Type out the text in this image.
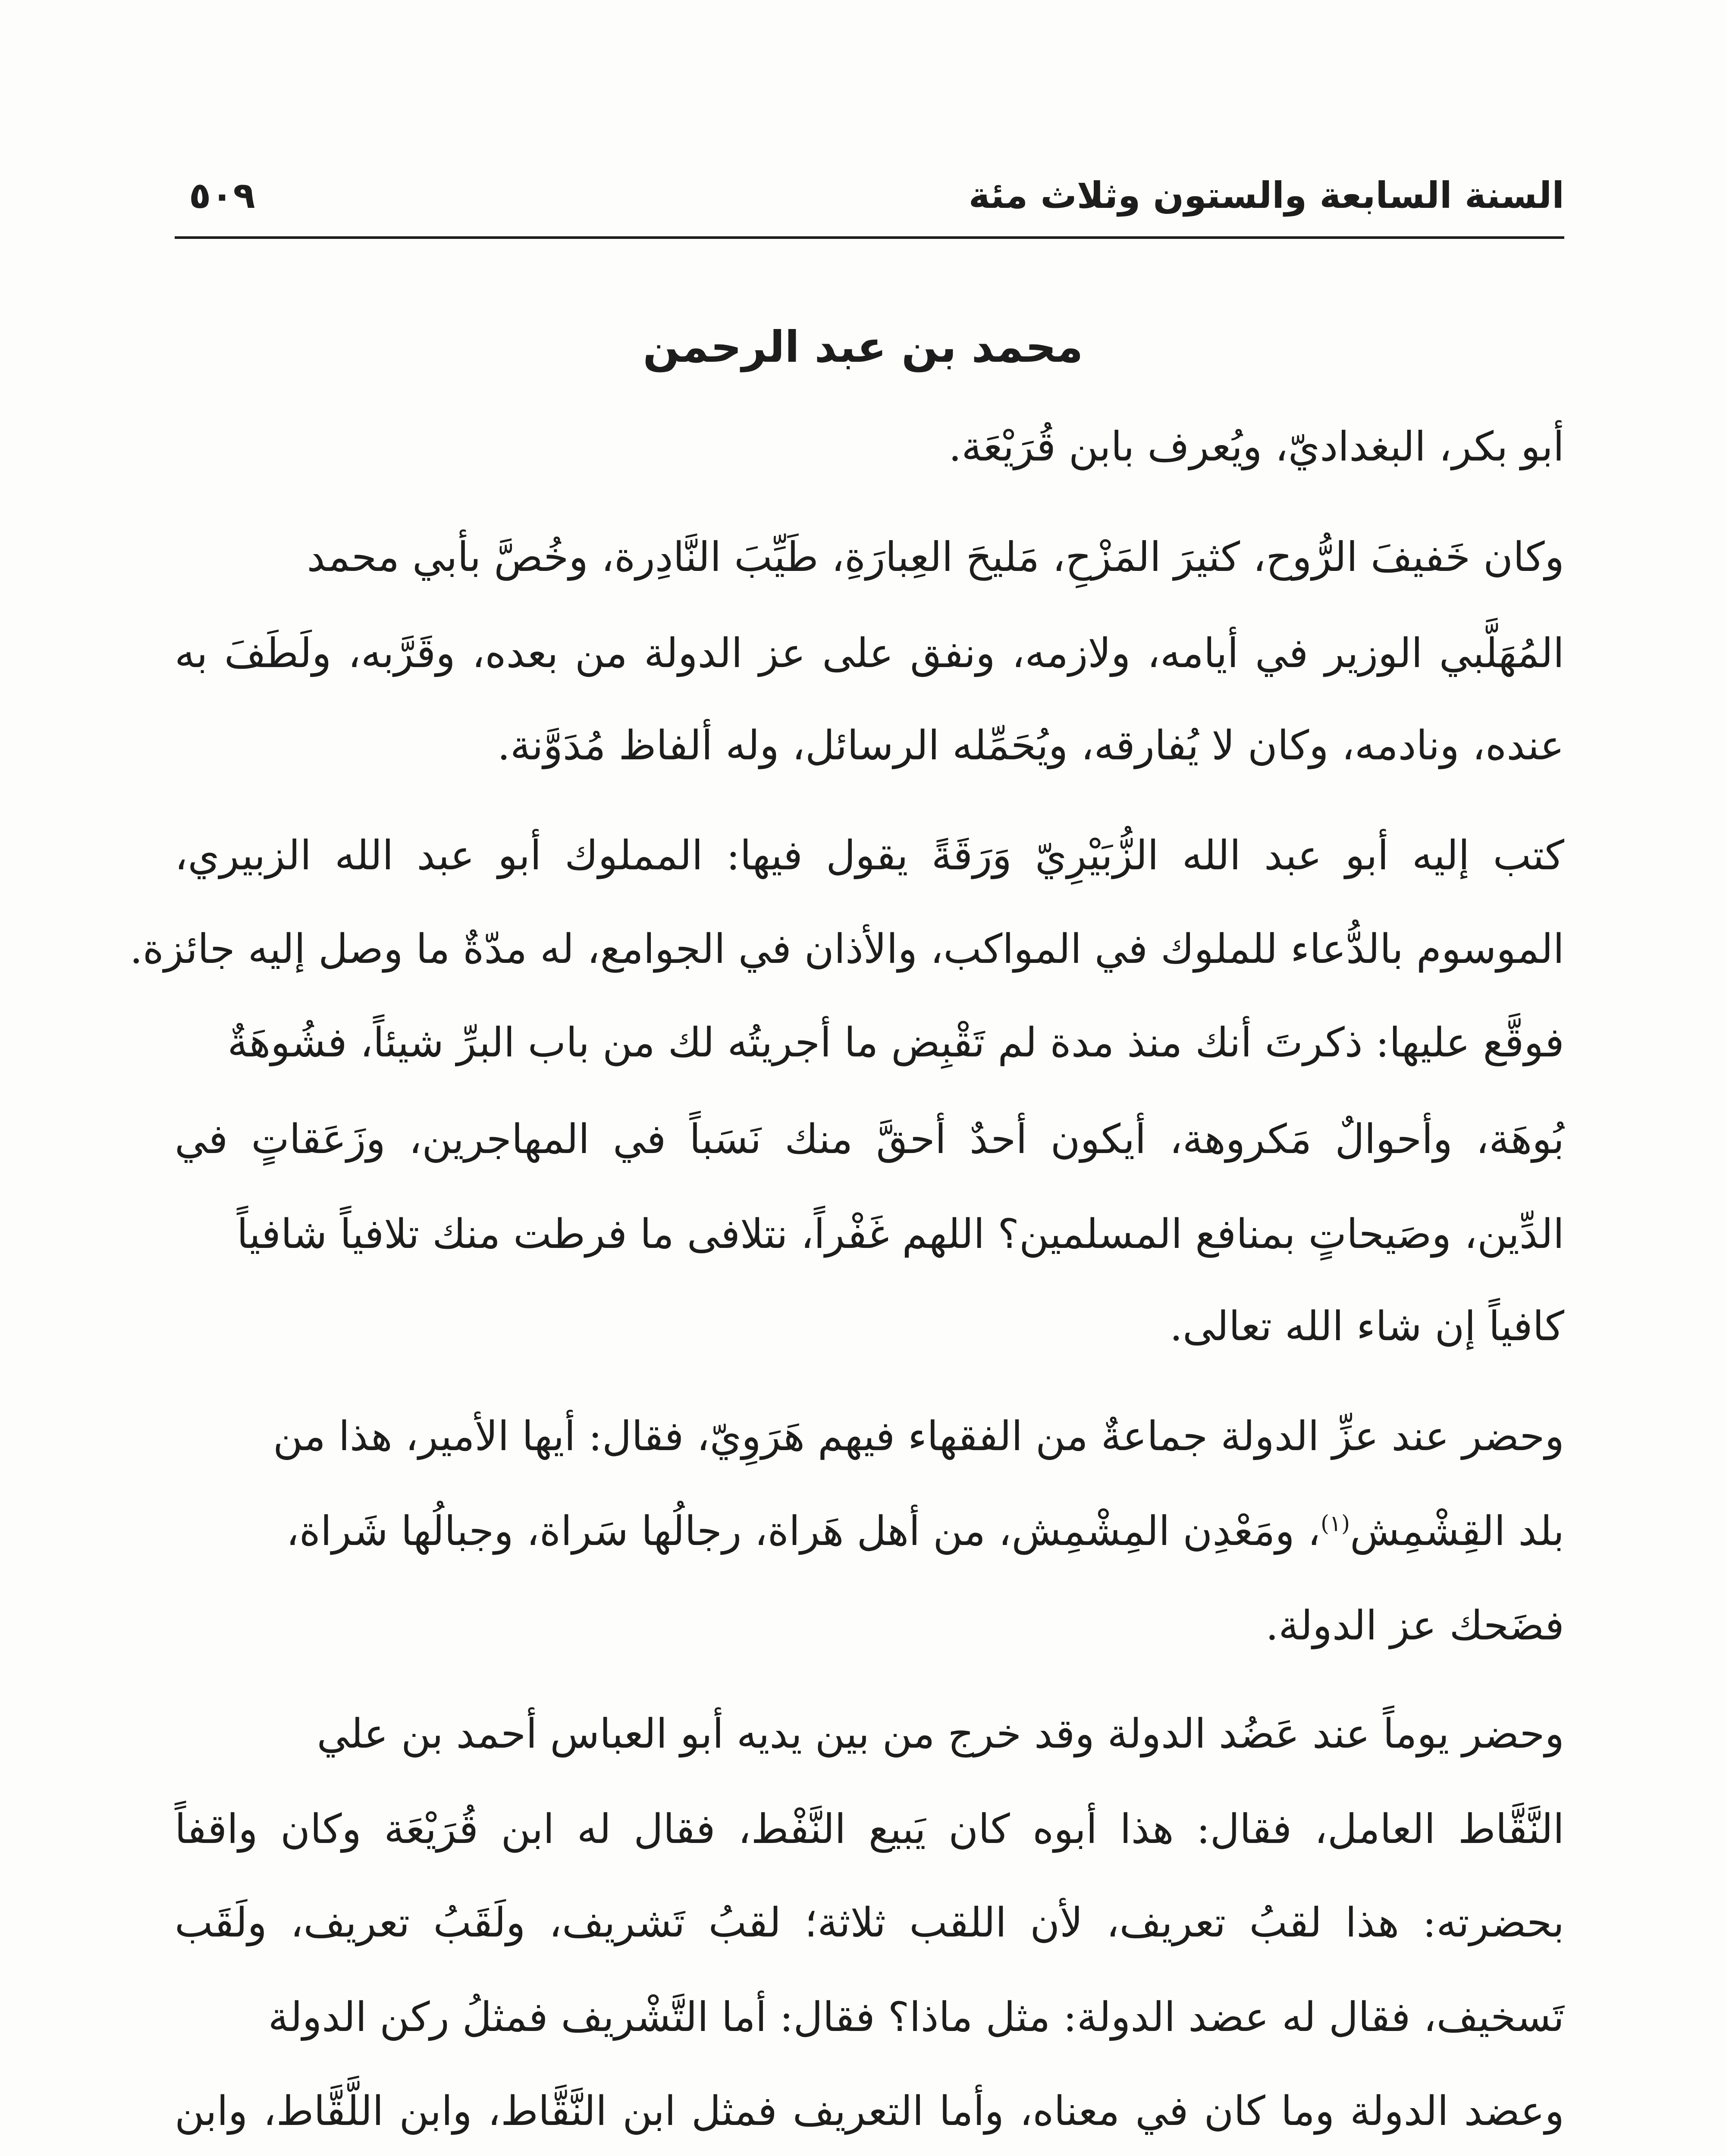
السنة السابعة والستون وثلاث مئة
٥٠٩
محمد بن عبد الرحمن
أبو بكر، البغداديّ، ويُعرف بابن قُرَيْعَة.
وكان خَفيفَ الرُّوح، كثيرَ المَزْحِ، مَليحَ العِبارَةِ، طَيِّبَ النَّادِرة، وخُصَّ بأبي محمد
المُهَلَّبي الوزير في أيامه، ولازمه، ونفق على عز الدولة من بعده، وقَرَّبه، ولَطَفَ به
عنده، ونادمه، وكان لا يُفارقه، ويُحَمِّله الرسائل، وله ألفاظ مُدَوَّنة.
كتب إليه أبو عبد الله الزُّبَيْرِيّ وَرَقَةً يقول فيها: المملوك أبو عبد الله الزبيري،
الموسوم بالدُّعاء للملوك في المواكب، والأذان في الجوامع، له مدّةٌ ما وصل إليه جائزة.
فوقَّع عليها: ذكرتَ أنك منذ مدة لم تَقْبِض ما أجريتُه لك من باب البرِّ شيئاً، فشُوهَةٌ
بُوهَة، وأحوالٌ مَكروهة، أيكون أحدٌ أحقَّ منك نَسَباً في المهاجرين، وزَعَقاتٍ في
الدِّين، وصَيحاتٍ بمنافع المسلمين؟ اللهم غَفْراً، نتلافى ما فرطت منك تلافياً شافياً
كافياً إن شاء الله تعالى.
وحضر عند عزِّ الدولة جماعةٌ من الفقهاء فيهم هَرَوِيّ، فقال: أيها الأمير، هذا من
بلد القِشْمِش$^{(١)}$، ومَعْدِن المِشْمِش، من أهل هَراة، رجالُها سَراة، وجبالُها شَراة،
فضَحك عز الدولة.
وحضر يوماً عند عَضُد الدولة وقد خرج من بين يديه أبو العباس أحمد بن علي
النَّقَّاط العامل، فقال: هذا أبوه كان يَبيع النَّفْط، فقال له ابن قُرَيْعَة وكان واقفاً
بحضرته: هذا لقبُ تعريف، لأن اللقب ثلاثة؛ لقبُ تَشريف، ولَقَبُ تعريف، ولَقَب
تَسخيف، فقال له عضد الدولة: مثل ماذا؟ فقال: أما التَّشْريف فمثلُ ركن الدولة
وعضد الدولة وما كان في معناه، وأما التعريف فمثل ابن النَّقَّاط، وابن اللَّقَّاط، وابن
